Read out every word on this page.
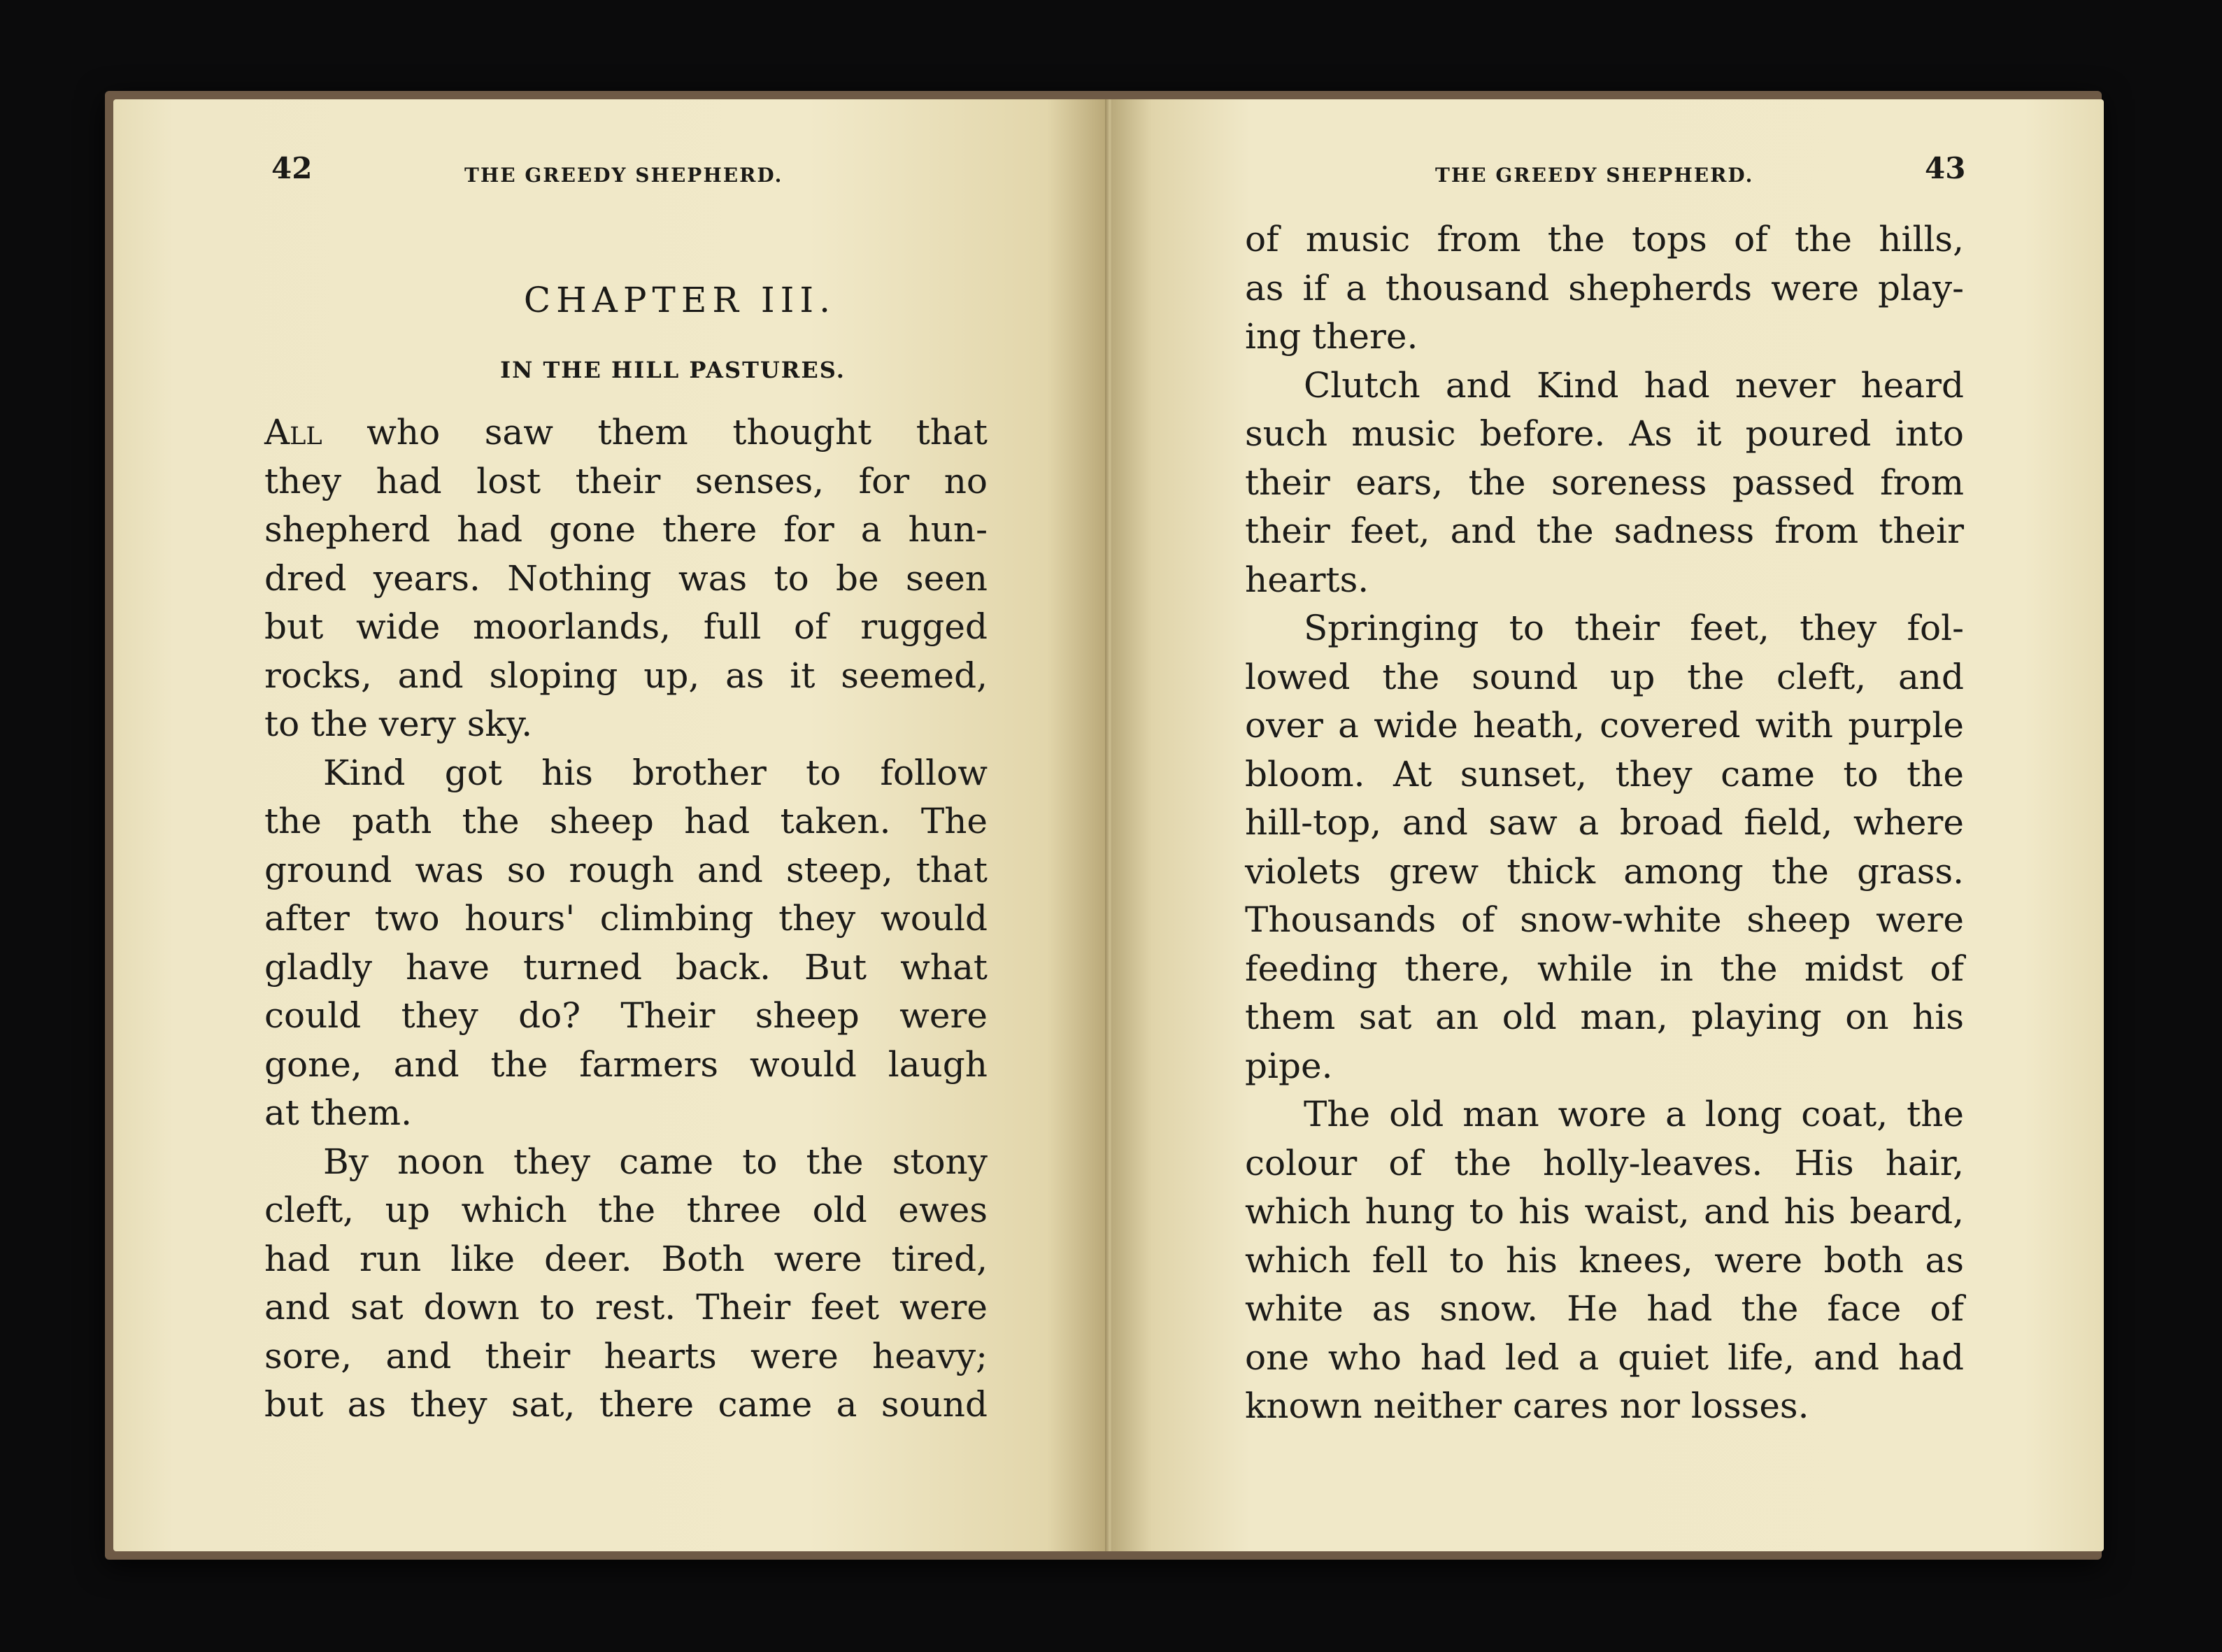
42	THE GREEDY SHEPHERD.
CHAPTER III.
IN THE HILL PASTURES.
All who saw them thought that
they had lost their senses, for no
shepherd had gone there for a hun-
dred years. Nothing was to be seen
but wide moorlands, full of rugged
rocks, and sloping up, as it seemed,
to the very sky.
Kind got his brother to follow
the path the sheep had taken. The
ground was so rough and steep, that
after two hours' climbing they would
gladly have turned back. But what
could they do? Their sheep were
gone, and the farmers would laugh
at them.
By noon they came to the stony
cleft, up which the three old ewes
had run like deer. Both were tired,
and sat down to rest. Their feet were
sore, and their hearts were heavy;
but as they sat, there came a sound
THE GREEDY SHEPHERD.	43
of music from the tops of the hills,
as if a thousand shepherds were play-
ing there.
Clutch and Kind had never heard
such music before. As it poured into
their ears, the soreness passed from
their feet, and the sadness from their
hearts.
Springing to their feet, they fol-
lowed the sound up the cleft, and
over a wide heath, covered with purple
bloom. At sunset, they came to the
hill-top, and saw a broad field, where
violets grew thick among the grass.
Thousands of snow-white sheep were
feeding there, while in the midst of
them sat an old man, playing on his
pipe.
The old man wore a long coat, the
colour of the holly-leaves. His hair,
which hung to his waist, and his beard,
which fell to his knees, were both as
white as snow. He had the face of
one who had led a quiet life, and had
known neither cares nor losses.
